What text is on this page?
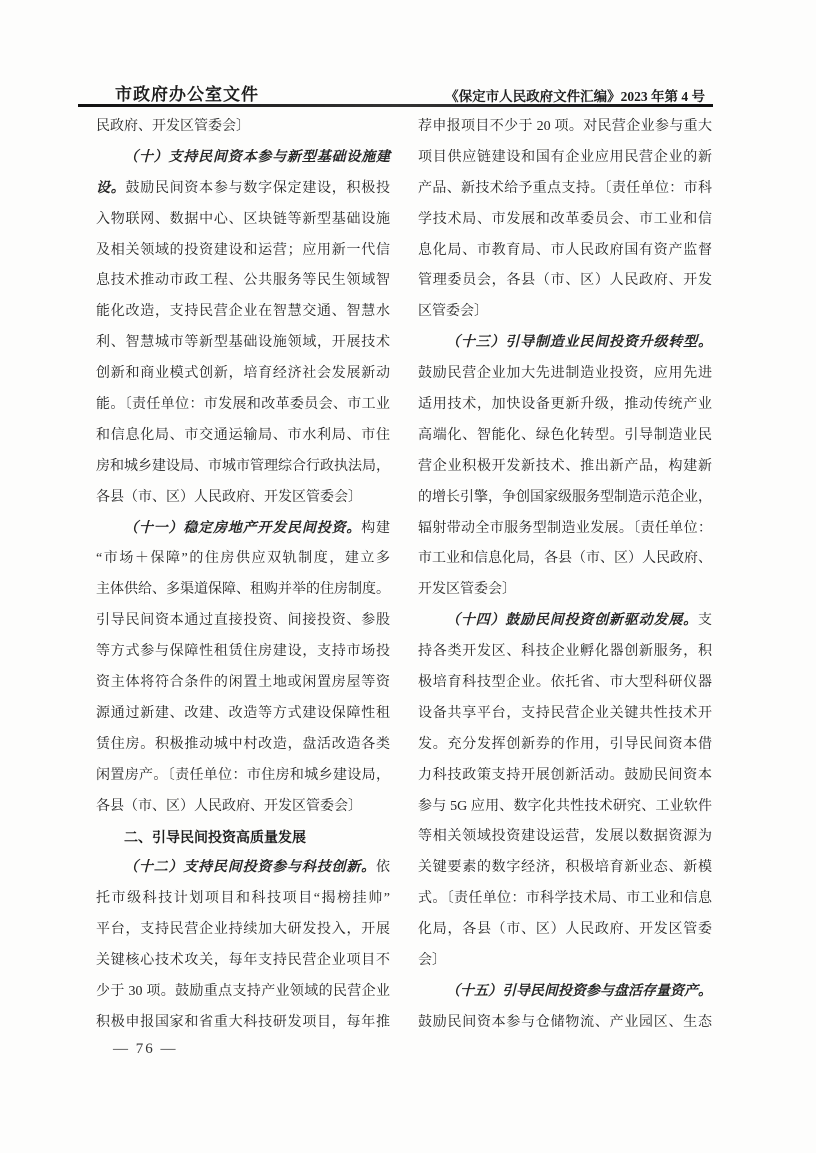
市政府办公室文件	《保定市人民政府文件汇编》2023 年第 4 号
民政府、开发区管委会〕
（十）支持民间资本参与新型基础设施建
设。鼓励民间资本参与数字保定建设，积极投
入物联网、数据中心、区块链等新型基础设施
及相关领域的投资建设和运营；应用新一代信
息技术推动市政工程、公共服务等民生领域智
能化改造，支持民营企业在智慧交通、智慧水
利、智慧城市等新型基础设施领域，开展技术
创新和商业模式创新，培育经济社会发展新动
能。〔责任单位：市发展和改革委员会、市工业
和信息化局、市交通运输局、市水利局、市住
房和城乡建设局、市城市管理综合行政执法局，
各县（市、区）人民政府、开发区管委会〕
（十一）稳定房地产开发民间投资。构建
“市场＋保障”的住房供应双轨制度，建立多
主体供给、多渠道保障、租购并举的住房制度。
引导民间资本通过直接投资、间接投资、参股
等方式参与保障性租赁住房建设，支持市场投
资主体将符合条件的闲置土地或闲置房屋等资
源通过新建、改建、改造等方式建设保障性租
赁住房。积极推动城中村改造，盘活改造各类
闲置房产。〔责任单位：市住房和城乡建设局，
各县（市、区）人民政府、开发区管委会〕
二、引导民间投资高质量发展
（十二）支持民间投资参与科技创新。依
托市级科技计划项目和科技项目“揭榜挂帅”
平台，支持民营企业持续加大研发投入，开展
关键核心技术攻关，每年支持民营企业项目不
少于 30 项。鼓励重点支持产业领域的民营企业
积极申报国家和省重大科技研发项目，每年推
荐申报项目不少于 20 项。对民营企业参与重大
项目供应链建设和国有企业应用民营企业的新
产品、新技术给予重点支持。〔责任单位：市科
学技术局、市发展和改革委员会、市工业和信
息化局、市教育局、市人民政府国有资产监督
管理委员会，各县（市、区）人民政府、开发
区管委会〕
（十三）引导制造业民间投资升级转型。
鼓励民营企业加大先进制造业投资，应用先进
适用技术，加快设备更新升级，推动传统产业
高端化、智能化、绿色化转型。引导制造业民
营企业积极开发新技术、推出新产品，构建新
的增长引擎，争创国家级服务型制造示范企业，
辐射带动全市服务型制造业发展。〔责任单位：
市工业和信息化局，各县（市、区）人民政府、
开发区管委会〕
（十四）鼓励民间投资创新驱动发展。支
持各类开发区、科技企业孵化器创新服务，积
极培育科技型企业。依托省、市大型科研仪器
设备共享平台，支持民营企业关键共性技术开
发。充分发挥创新券的作用，引导民间资本借
力科技政策支持开展创新活动。鼓励民间资本
参与 5G 应用、数字化共性技术研究、工业软件
等相关领域投资建设运营，发展以数据资源为
关键要素的数字经济，积极培育新业态、新模
式。〔责任单位：市科学技术局、市工业和信息
化局，各县（市、区）人民政府、开发区管委
会〕
（十五）引导民间投资参与盘活存量资产。
鼓励民间资本参与仓储物流、产业园区、生态
— 76 —
